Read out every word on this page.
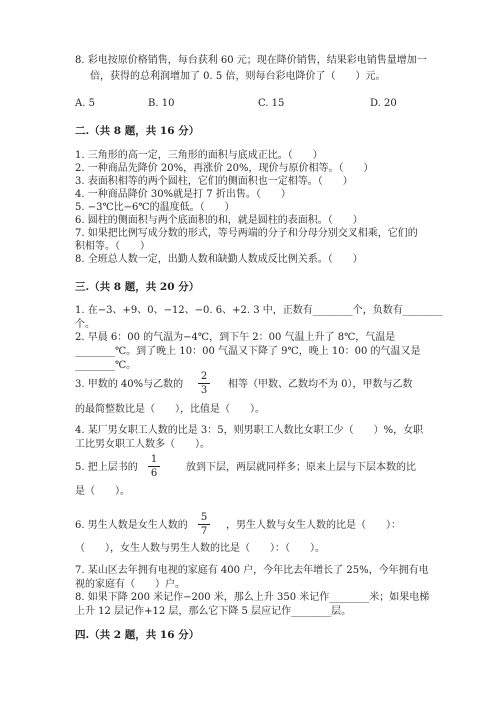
8. 彩电按原价格销售，每台获利 60 元；现在降价销售，结果彩电销售量增加一
倍，获得的总利润增加了 0. 5 倍，则每台彩电降价了（　　）元。
A. 5	B. 10	C. 15	D. 20
二.（共 8 题，共 16 分）
1. 三角形的高一定，三角形的面积与底成正比。（　　）
2. 一种商品先降价 20%，再涨价 20%，现价与原价相等。（　　）
3. 表面积相等的两个圆柱，它们的侧面积也一定相等。（　　）
4. 一种商品降价 30%就是打 7 折出售。（　　）
5. −3℃比−6℃的温度低。（　　）
6. 圆柱的侧面积与两个底面积的和，就是圆柱的表面积。（　　）
7. 如果把比例写成分数的形式，等号两端的分子和分母分别交叉相乘，它们的
积相等。（　　）
8. 全班总人数一定，出勤人数和缺勤人数成反比例关系。（　　）
三.（共 8 题，共 20 分）
1. 在−3、+9、0、−12、−0. 6、+2. 3 中，正数有________个，负数有________
个。
2. 早晨 6：00 的气温为−4℃，到下午 2：00 气温上升了 8℃，气温是
________℃。到了晚上 10：00 气温又下降了 9℃，晚上 10：00 的气温又是
________℃。
3. 甲数的 40%与乙数的
2
3
相等（甲数、乙数均不为 0），甲数与乙数
的最简整数比是（　　），比值是（　　）。
4. 某厂男女职工人数的比是 3：5，则男职工人数比女职工少（　　）%，女职
工比男女职工人数多（　　）。
5. 把上层书的
1
6
放到下层，两层就同样多；原来上层与下层本数的比
是（　　）。
6. 男生人数是女生人数的
5
7
，男生人数与女生人数的比是（　　）：
（　　），女生人数与男生人数的比是（　　）：（　　）。
7. 某山区去年拥有电视的家庭有 400 户，今年比去年增长了 25%，今年拥有电
视的家庭有（　　）户。
8. 如果下降 200 米记作−200 米，那么上升 350 米记作________米；如果电梯
上升 12 层记作+12 层，那么它下降 5 层应记作________层。
四.（共 2 题，共 16 分）
